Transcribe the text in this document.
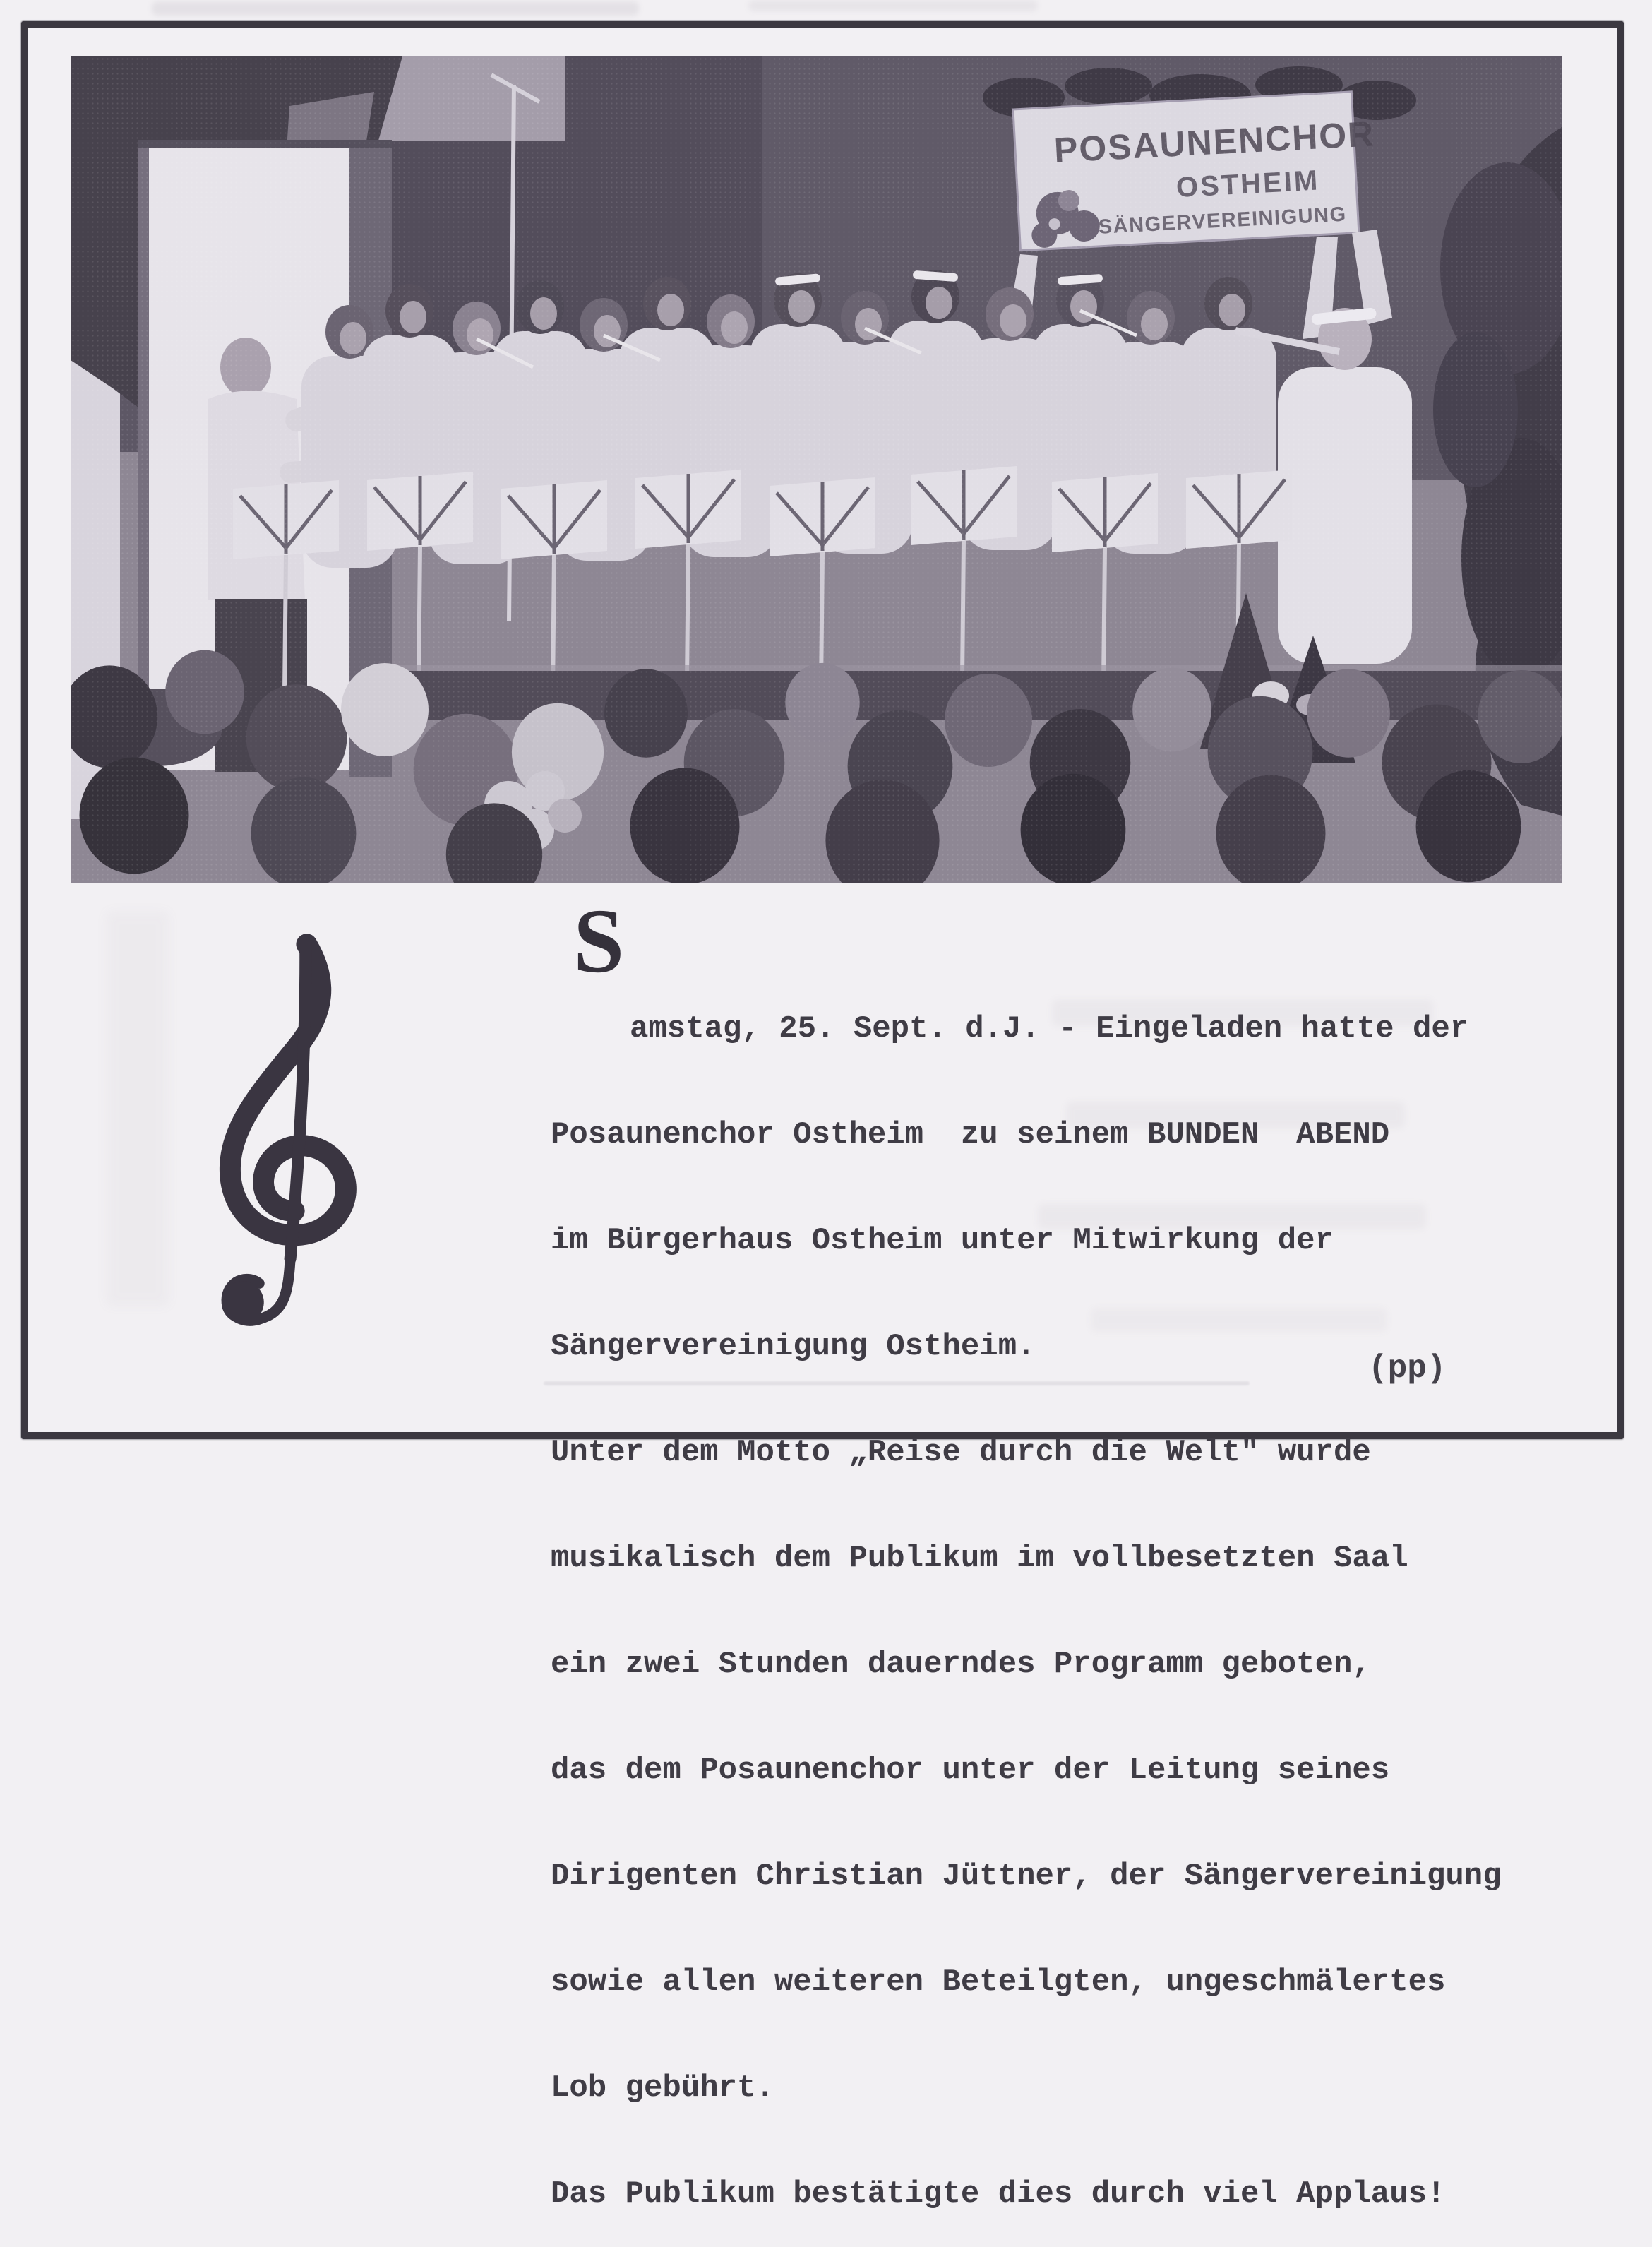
S

amstag, 25. Sept. d.J. - Eingeladen hatte der

Posaunenchor Ostheim  zu seinem BUNDEN  ABEND

im Bürgerhaus Ostheim unter Mitwirkung der

Sängervereinigung Ostheim.

Unter dem Motto „Reise durch die Welt" wurde

musikalisch dem Publikum im vollbesetzten Saal

ein zwei Stunden dauerndes Programm geboten,

das dem Posaunenchor unter der Leitung seines

Dirigenten Christian Jüttner, der Sängervereinigung

sowie allen weiteren Beteilgten, ungeschmälertes

Lob gebührt.

Das Publikum bestätigte dies durch viel Applaus!

(pp)
